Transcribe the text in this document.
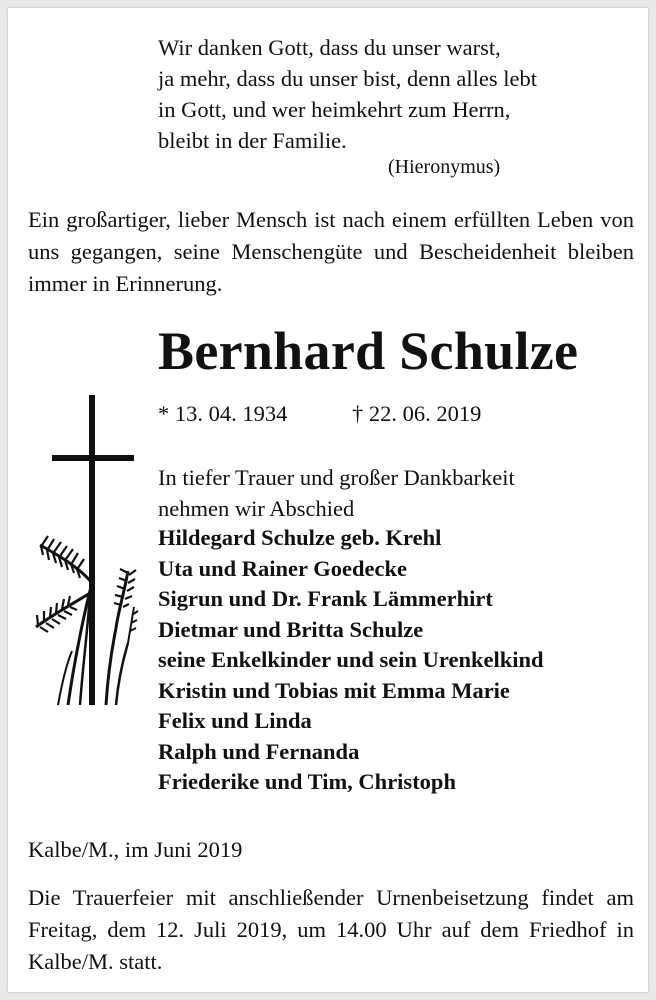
Wir danken Gott, dass du unser warst,
ja mehr, dass du unser bist, denn alles lebt
in Gott, und wer heimkehrt zum Herrn,
bleibt in der Familie.
(Hieronymus)
Ein großartiger, lieber Mensch ist nach einem erfüllten Leben von uns gegangen, seine Menschengüte und Bescheidenheit bleiben immer in Erinnerung.
Bernhard Schulze
* 13. 04. 1934	† 22. 06. 2019
In tiefer Trauer und großer Dankbarkeit
nehmen wir Abschied
Hildegard Schulze geb. Krehl
Uta und Rainer Goedecke
Sigrun und Dr. Frank Lämmerhirt
Dietmar und Britta Schulze
seine Enkelkinder und sein Urenkelkind
Kristin und Tobias mit Emma Marie
Felix und Linda
Ralph und Fernanda
Friederike und Tim, Christoph
Kalbe/M., im Juni 2019
Die Trauerfeier mit anschließender Urnenbeisetzung findet am Freitag, dem 12. Juli 2019, um 14.00 Uhr auf dem Friedhof in Kalbe/M. statt.
